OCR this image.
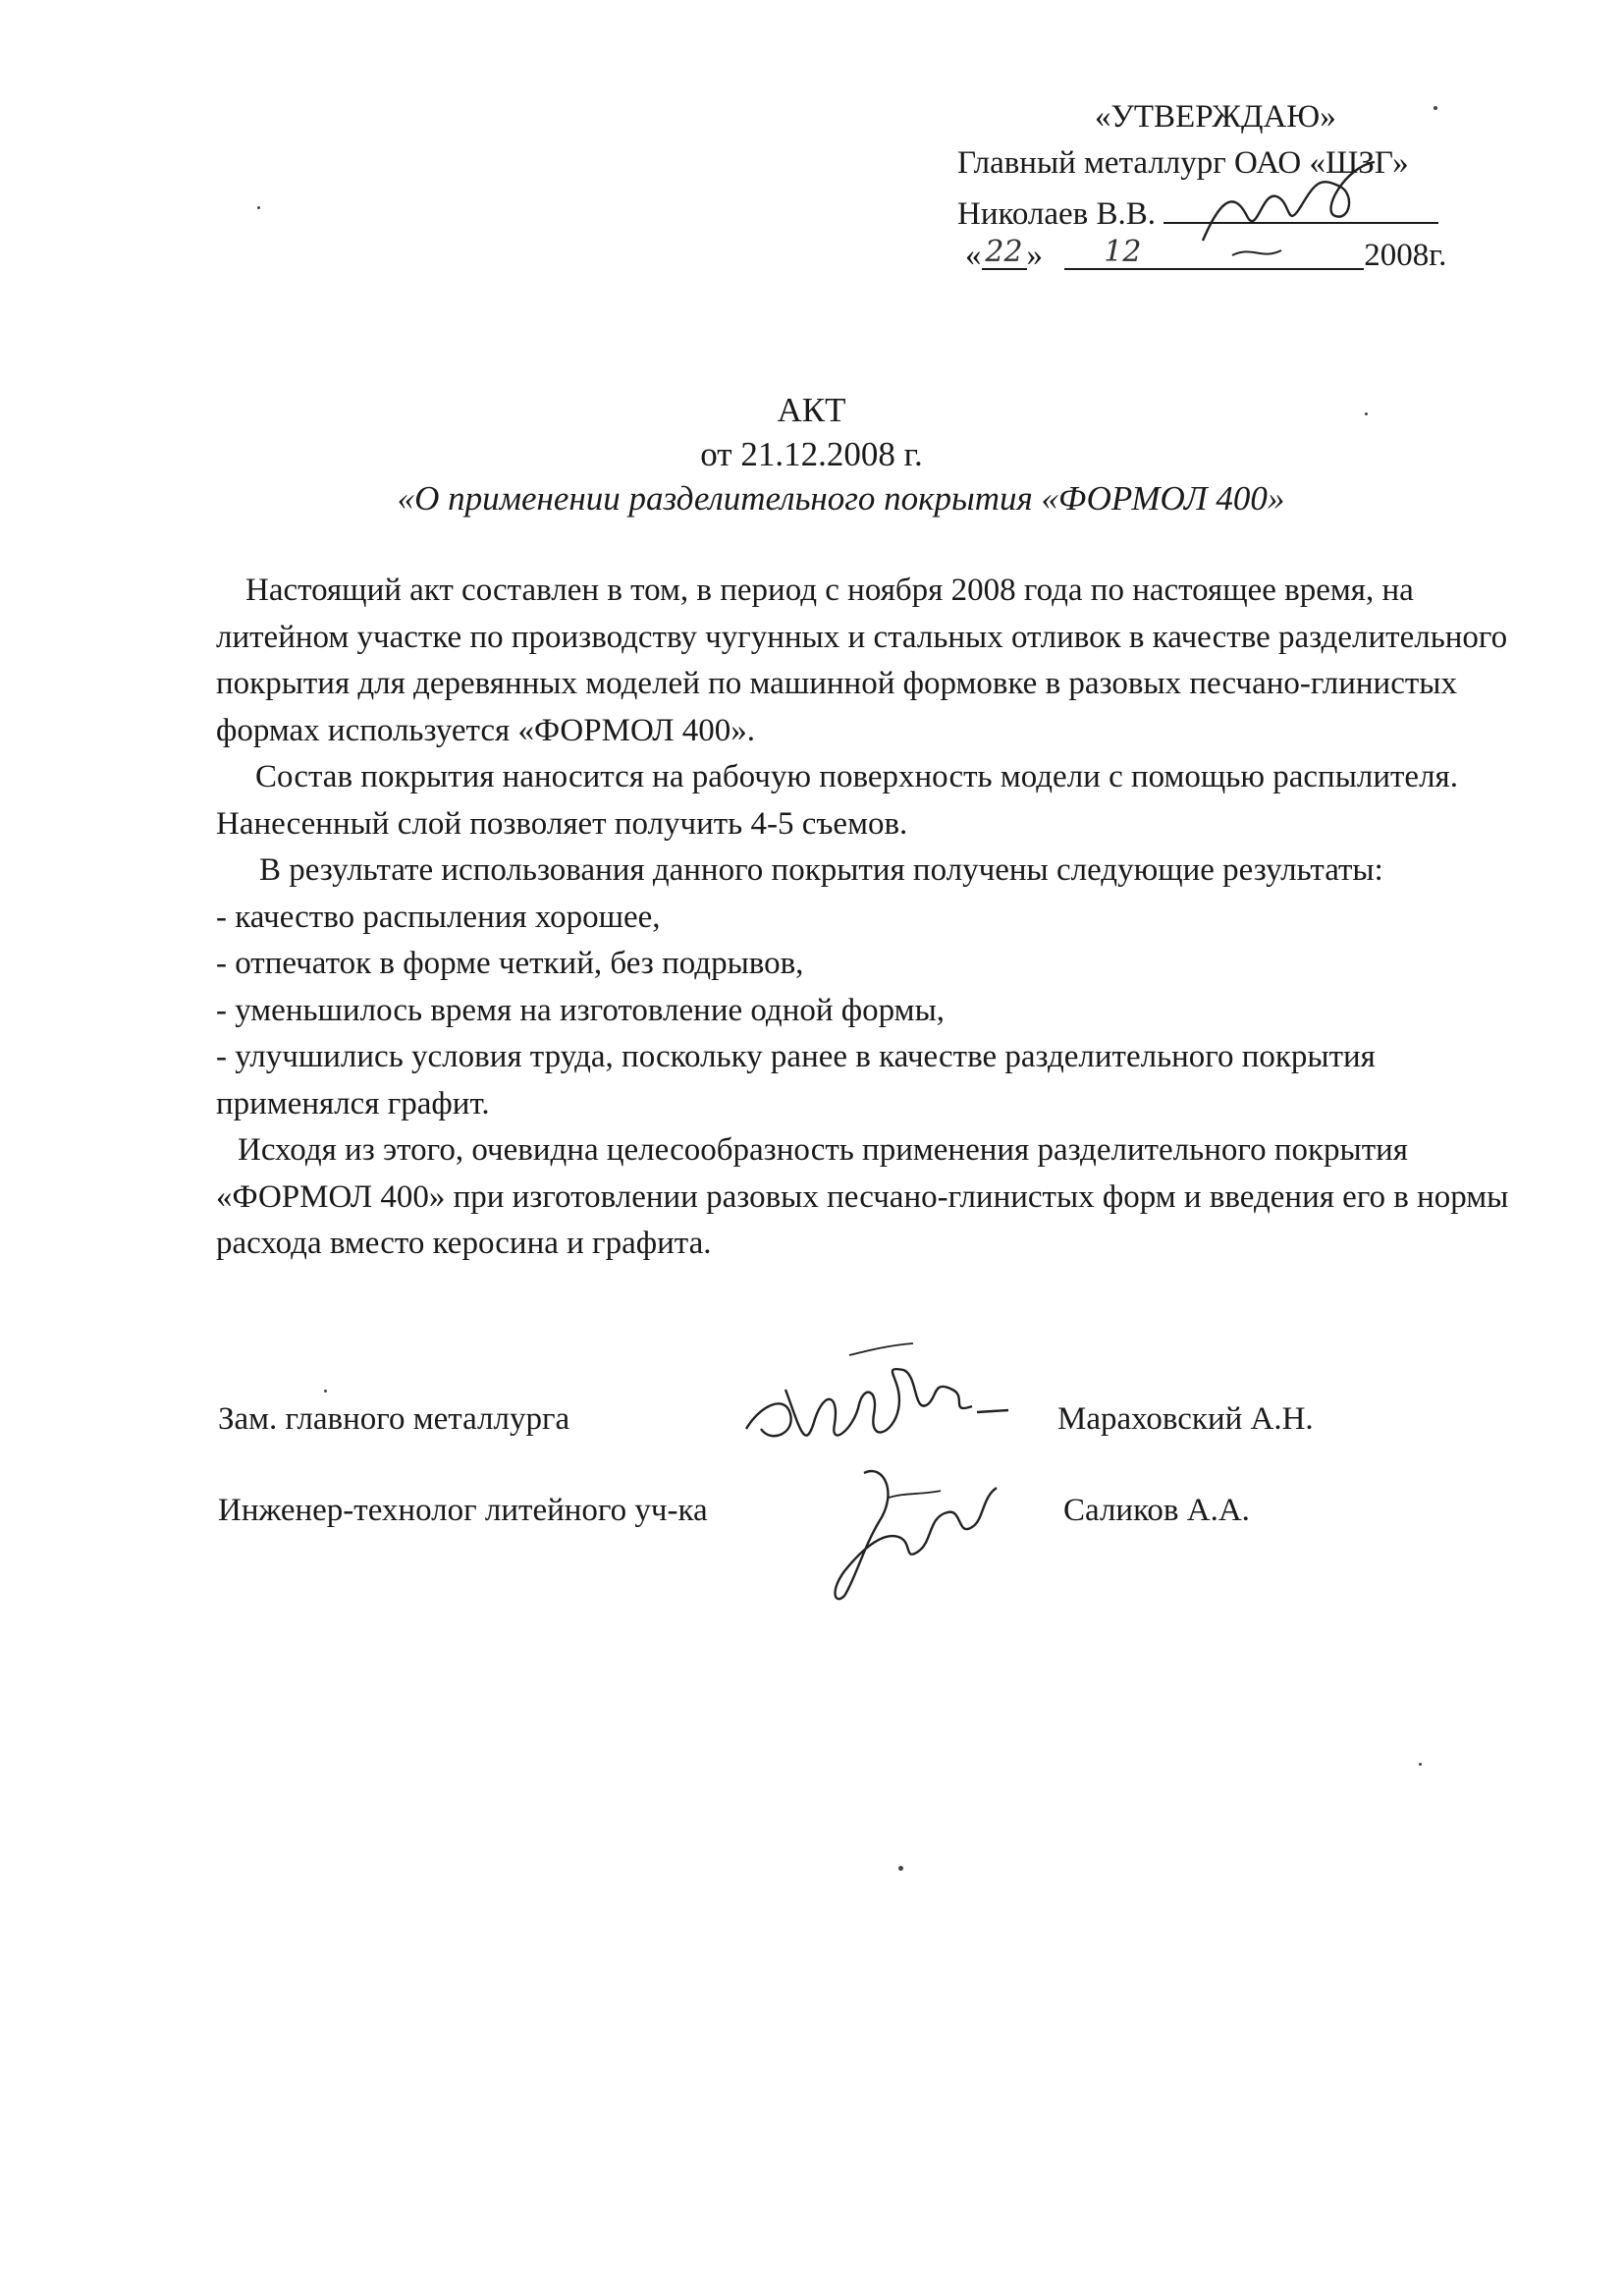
«УТВЕРЖДАЮ»
Главный металлург ОАО «ШЗГ»
Николаев В.В.
« 22 » 12	2008г.
АКТ
от 21.12.2008 г.
«О применении разделительного покрытия «ФОРМОЛ 400»

Настоящий акт составлен в том, в период с ноября 2008 года по настоящее время, на литейном участке по производству чугунных и стальных отливок в качестве разделительного покрытия для деревянных моделей по машинной формовке в разовых песчано-глинистых формах используется «ФОРМОЛ 400».

Состав покрытия наносится на рабочую поверхность модели с помощью распылителя. Нанесенный слой позволяет получить 4-5 съемов.

В результате использования данного покрытия получены следующие результаты:

- качество распыления хорошее,

- отпечаток в форме четкий, без подрывов,

- уменьшилось время на изготовление одной формы,

- улучшились условия труда, поскольку ранее в качестве разделительного покрытия применялся графит.

Исходя из этого, очевидна целесообразность применения разделительного покрытия «ФОРМОЛ 400» при изготовлении разовых песчано-глинистых форм и введения его в нормы расхода вместо керосина и графита.

Зам. главного металлурга	Мараховский А.Н.
Инженер-технолог литейного уч-ка	Саликов А.А.
